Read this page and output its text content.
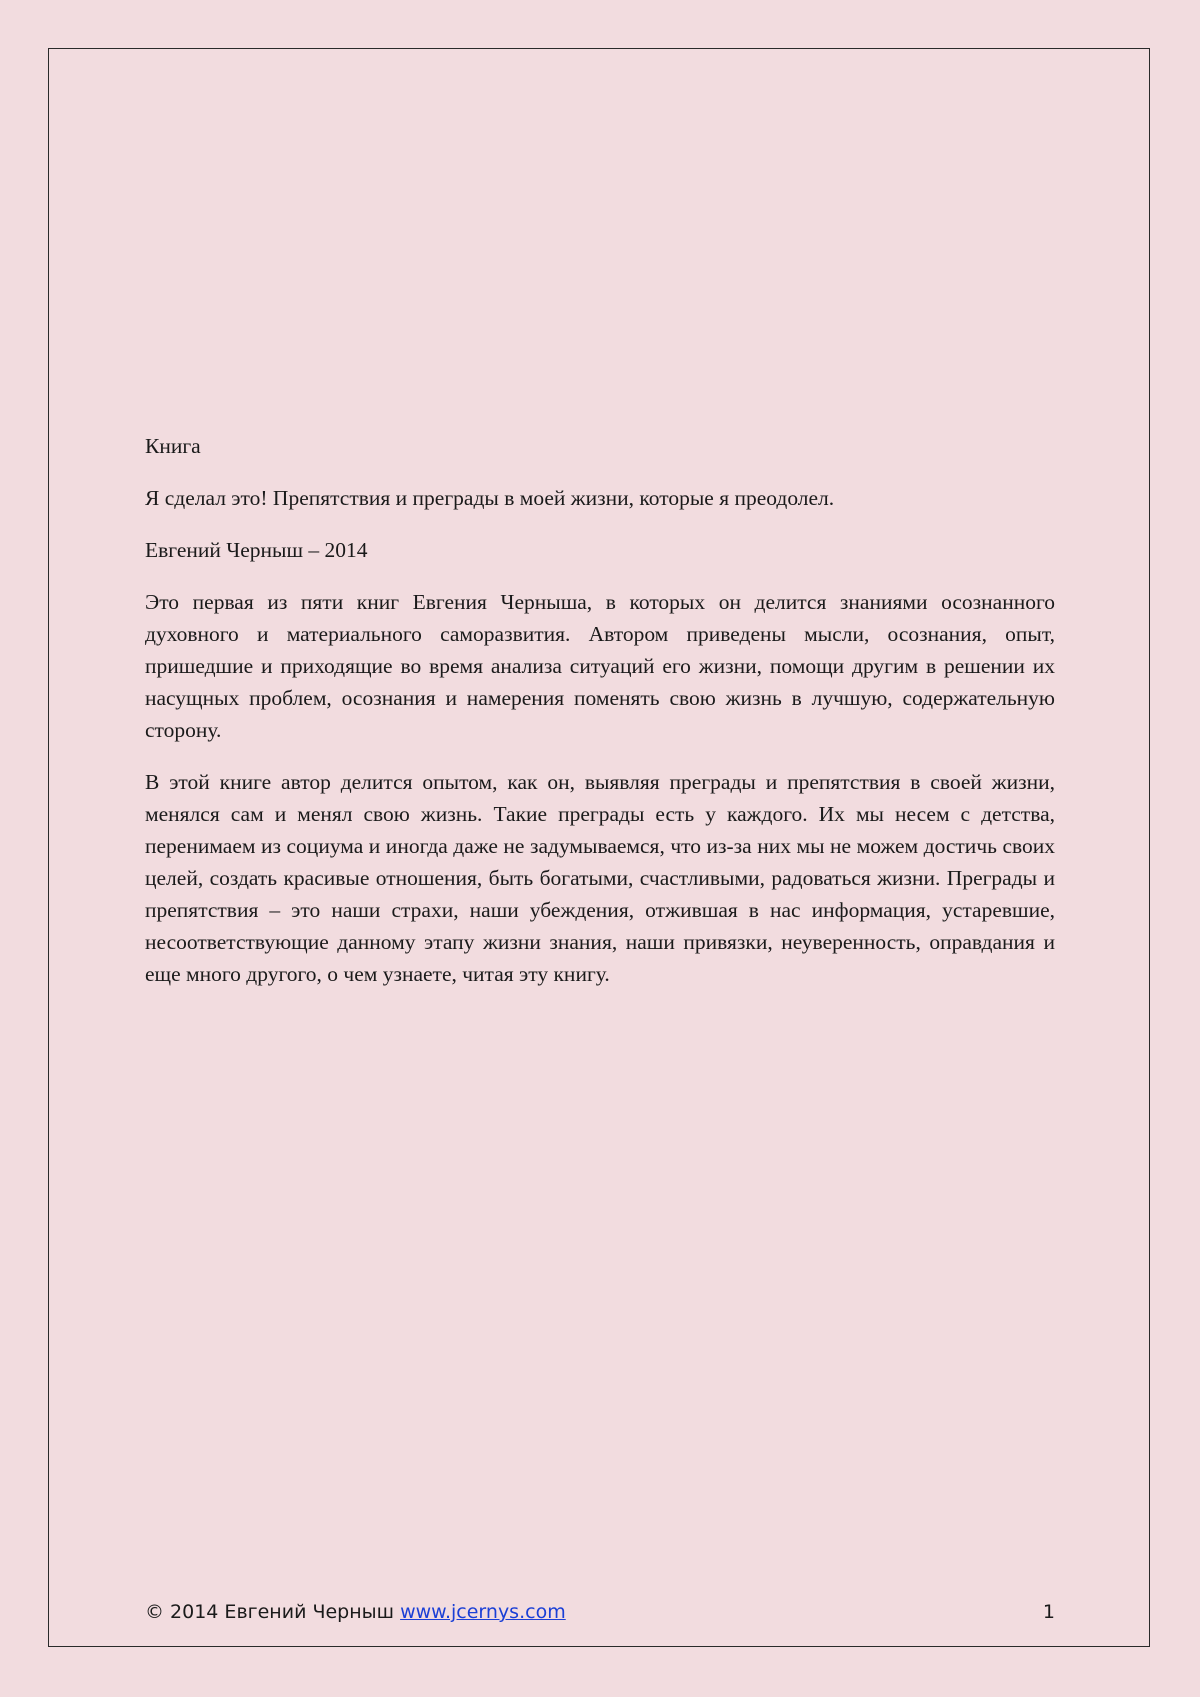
Книга

Я сделал это! Препятствия и преграды в моей жизни, которые я преодолел.

Евгений Черныш – 2014

Это первая из пяти книг Евгения Черныша, в которых он делится знаниями осознанного духовного и материального саморазвития. Автором приведены мысли, осознания, опыт, пришедшие и приходящие во время анализа ситуаций его жизни, помощи другим в решении их насущных проблем, осознания и намерения поменять свою жизнь в лучшую, содержательную сторону.

В этой книге автор делится опытом, как он, выявляя преграды и препятствия в своей жизни, менялся сам и менял свою жизнь. Такие преграды есть у каждого. Их мы несем с детства, перенимаем из социума и иногда даже не задумываемся, что из-за них мы не можем достичь своих целей, создать красивые отношения, быть богатыми, счастливыми, радоваться жизни. Преграды и препятствия – это наши страхи, наши убеждения, отжившая в нас информация, устаревшие, несоответствующие данному этапу жизни знания, наши привязки, неуверенность, оправдания и еще много другого, о чем узнаете, читая эту книгу.

© 2014 Евгений Черныш www.jcernys.com	1
